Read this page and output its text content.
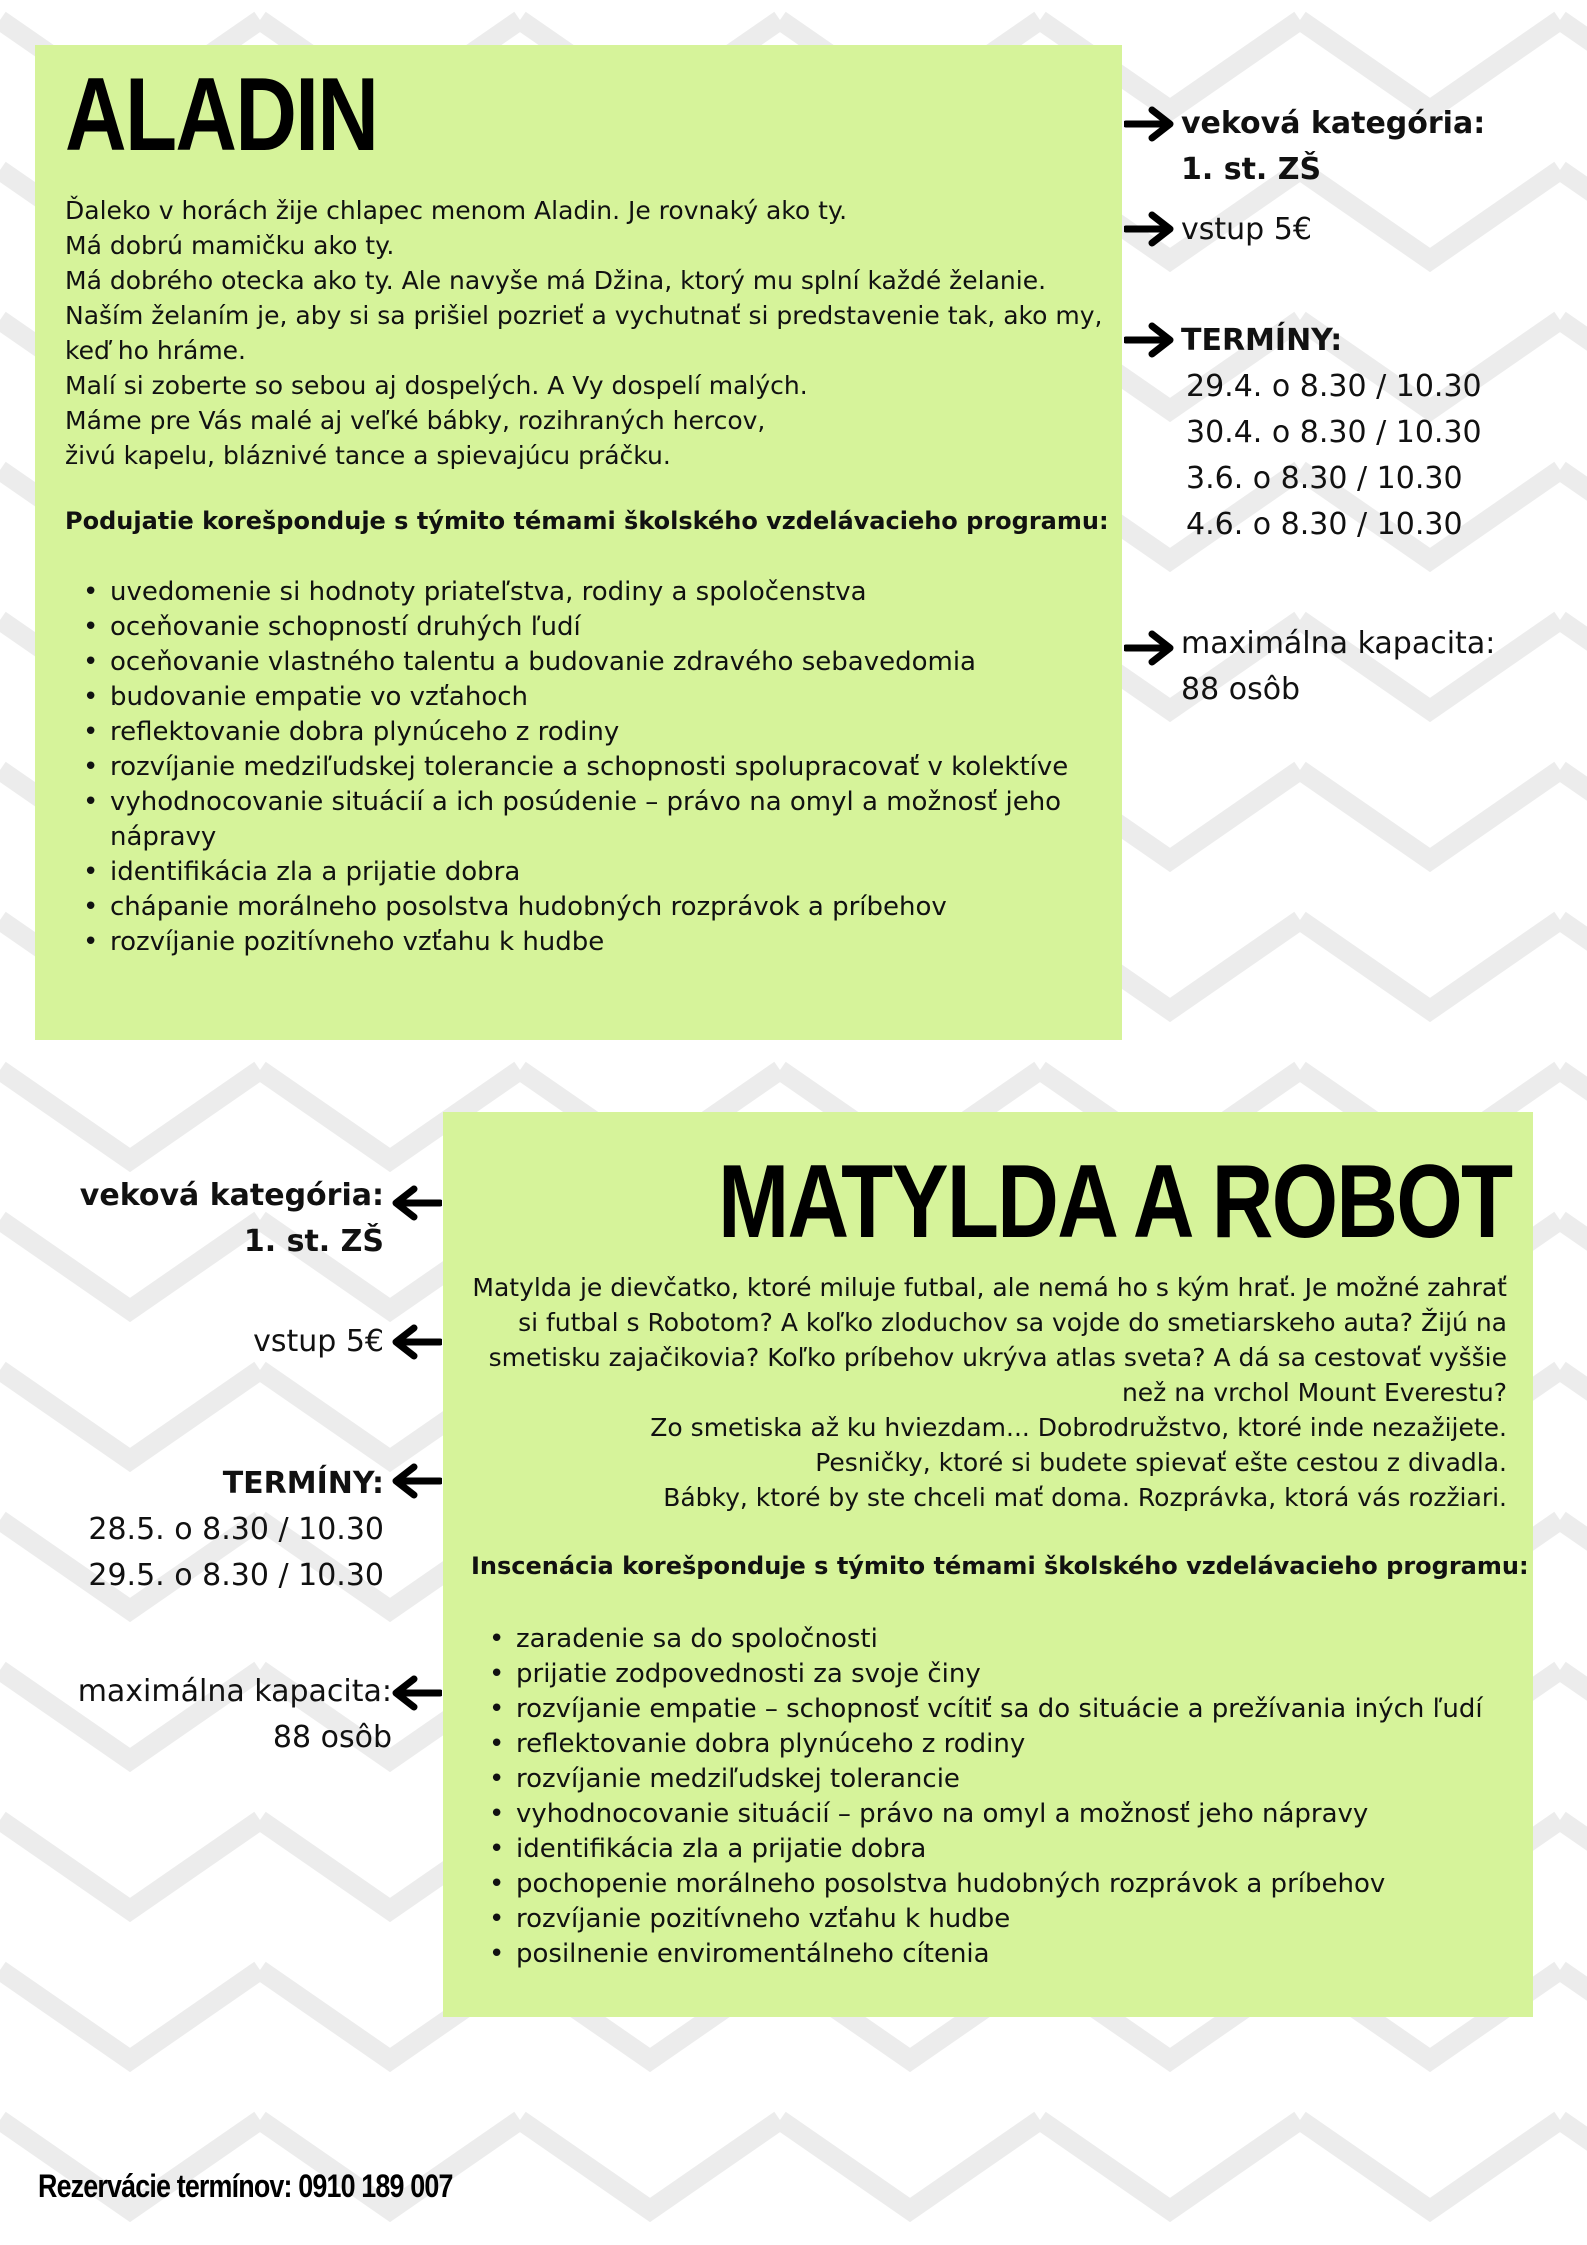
ALADIN
Ďaleko v horách žije chlapec menom Aladin. Je rovnaký ako ty.
Má dobrú mamičku ako ty.
Má dobrého otecka ako ty. Ale navyše má Džina, ktorý mu splní každé želanie.
Naším želaním je, aby si sa prišiel pozrieť a vychutnať si predstavenie tak, ako my,
keď ho hráme.
Malí si zoberte so sebou aj dospelých. A Vy dospelí malých.
Máme pre Vás malé aj veľké bábky, rozihraných hercov,
živú kapelu, bláznivé tance a spievajúcu práčku.
Podujatie korešponduje s týmito témami školského vzdelávacieho programu:
• uvedomenie si hodnoty priateľstva, rodiny a spoločenstva
• oceňovanie schopností druhých ľudí
• oceňovanie vlastného talentu a budovanie zdravého sebavedomia
• budovanie empatie vo vzťahoch
• reflektovanie dobra plynúceho z rodiny
• rozvíjanie medziľudskej tolerancie a schopnosti spolupracovať v kolektíve
• vyhodnocovanie situácií a ich posúdenie – právo na omyl a možnosť jeho nápravy
• identifikácia zla a prijatie dobra
• chápanie morálneho posolstva hudobných rozprávok a príbehov
• rozvíjanie pozitívneho vzťahu k hudbe
veková kategória:
1. st. ZŠ
vstup 5€
TERMÍNY:
29.4. o 8.30 / 10.30
30.4. o 8.30 / 10.30
3.6. o 8.30 / 10.30
4.6. o 8.30 / 10.30
maximálna kapacita:
88 osôb
MATYLDA A ROBOT
Matylda je dievčatko, ktoré miluje futbal, ale nemá ho s kým hrať. Je možné zahrať
si futbal s Robotom? A koľko zloduchov sa vojde do smetiarskeho auta? Žijú na
smetisku zajačikovia? Koľko príbehov ukrýva atlas sveta? A dá sa cestovať vyššie
než na vrchol Mount Everestu?
Zo smetiska až ku hviezdam... Dobrodružstvo, ktoré inde nezažijete.
Pesničky, ktoré si budete spievať ešte cestou z divadla.
Bábky, ktoré by ste chceli mať doma. Rozprávka, ktorá vás rozžiari.
Inscenácia korešponduje s týmito témami školského vzdelávacieho programu:
• zaradenie sa do spoločnosti
• prijatie zodpovednosti za svoje činy
• rozvíjanie empatie – schopnosť vcítiť sa do situácie a prežívania iných ľudí
• reflektovanie dobra plynúceho z rodiny
• rozvíjanie medziľudskej tolerancie
• vyhodnocovanie situácií – právo na omyl a možnosť jeho nápravy
• identifikácia zla a prijatie dobra
• pochopenie morálneho posolstva hudobných rozprávok a príbehov
• rozvíjanie pozitívneho vzťahu k hudbe
• posilnenie enviromentálneho cítenia
veková kategória:
1. st. ZŠ
vstup 5€
TERMÍNY:
28.5. o 8.30 / 10.30
29.5. o 8.30 / 10.30
maximálna kapacita:
88 osôb

Rezervácie termínov: 0910 189 007
